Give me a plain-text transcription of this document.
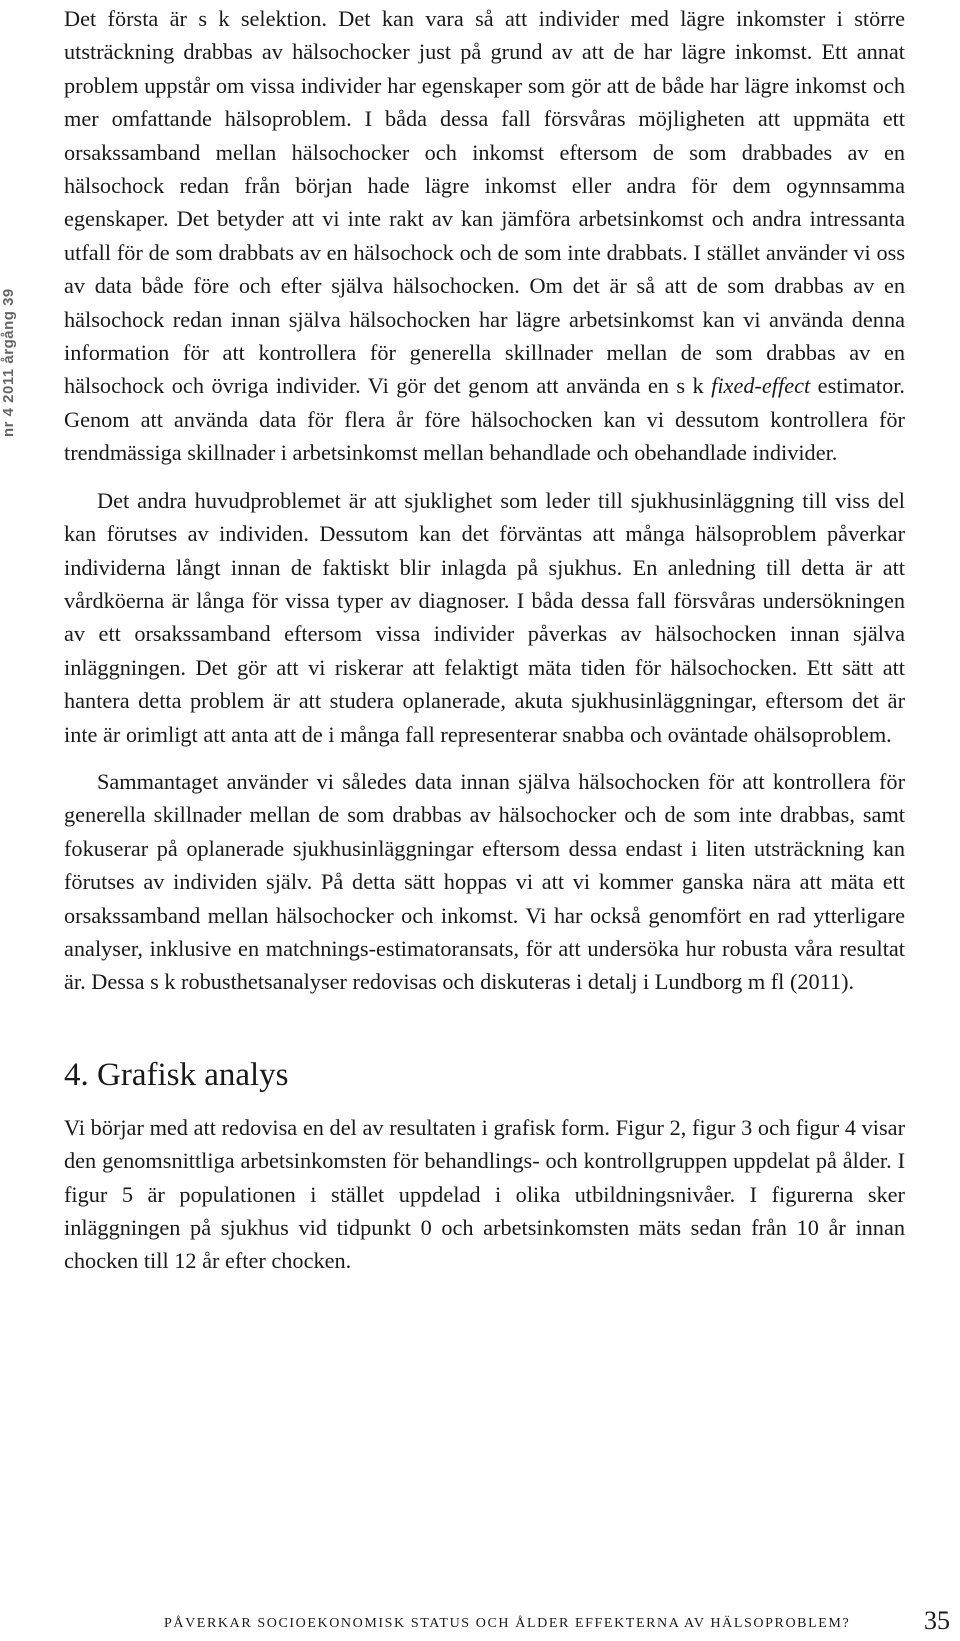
nr 4 2011 årgång 39

Det första är s k selektion. Det kan vara så att individer med lägre inkomster i större utsträckning drabbas av hälsochocker just på grund av att de har lägre inkomst. Ett annat problem uppstår om vissa individer har egenskaper som gör att de både har lägre inkomst och mer omfattande hälsoproblem. I båda dessa fall försvåras möjligheten att uppmäta ett orsakssamband mellan hälsochocker och inkomst eftersom de som drabbades av en hälsochock redan från början hade lägre inkomst eller andra för dem ogynnsamma egenskaper. Det betyder att vi inte rakt av kan jämföra arbetsinkomst och andra intressanta utfall för de som drabbats av en hälsochock och de som inte drabbats. I stället använder vi oss av data både före och efter själva hälsochocken. Om det är så att de som drabbas av en hälsochock redan innan själva hälsochocken har lägre arbetsinkomst kan vi använda denna information för att kontrollera för generella skillnader mellan de som drabbas av en hälsochock och övriga individer. Vi gör det genom att använda en s k fixed-effect estimator. Genom att använda data för flera år före hälsochocken kan vi dessutom kontrollera för trendmässiga skillnader i arbetsinkomst mellan behandlade och obehandlade individer.

Det andra huvudproblemet är att sjuklighet som leder till sjukhusinläggning till viss del kan förutses av individen. Dessutom kan det förväntas att många hälsoproblem påverkar individerna långt innan de faktiskt blir inlagda på sjukhus. En anledning till detta är att vårdköerna är långa för vissa typer av diagnoser. I båda dessa fall försvåras undersökningen av ett orsakssamband eftersom vissa individer påverkas av hälsochocken innan själva inläggningen. Det gör att vi riskerar att felaktigt mäta tiden för hälsochocken. Ett sätt att hantera detta problem är att studera oplanerade, akuta sjukhusinläggningar, eftersom det är inte är orimligt att anta att de i många fall representerar snabba och oväntade ohälsoproblem.

Sammantaget använder vi således data innan själva hälsochocken för att kontrollera för generella skillnader mellan de som drabbas av hälsochocker och de som inte drabbas, samt fokuserar på oplanerade sjukhusinläggningar eftersom dessa endast i liten utsträckning kan förutses av individen själv. På detta sätt hoppas vi att vi kommer ganska nära att mäta ett orsakssamband mellan hälsochocker och inkomst. Vi har också genomfört en rad ytterligare analyser, inklusive en matchnings-estimatoransats, för att undersöka hur robusta våra resultat är. Dessa s k robusthetsanalyser redovisas och diskuteras i detalj i Lundborg m fl (2011).

4. Grafisk analys

Vi börjar med att redovisa en del av resultaten i grafisk form. Figur 2, figur 3 och figur 4 visar den genomsnittliga arbetsinkomsten för behandlings- och kontrollgruppen uppdelat på ålder. I figur 5 är populationen i stället uppdelad i olika utbildningsnivåer. I figurerna sker inläggningen på sjukhus vid tidpunkt 0 och arbetsinkomsten mäts sedan från 10 år innan chocken till 12 år efter chocken.

PÅVERKAR SOCIOEKONOMISK STATUS OCH ÅLDER EFFEKTERNA AV HÄLSOPROBLEM?	35
